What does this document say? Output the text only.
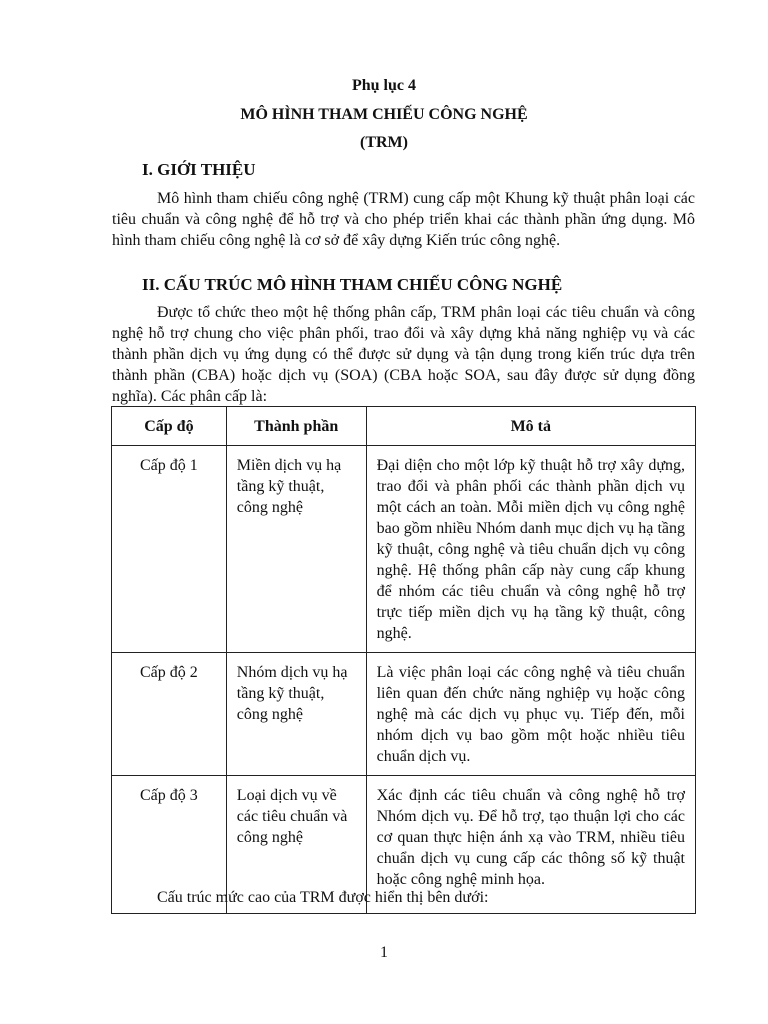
Phụ lục 4

MÔ HÌNH THAM CHIẾU CÔNG NGHỆ

(TRM)

I. GIỚI THIỆU

Mô hình tham chiếu công nghệ (TRM) cung cấp một Khung kỹ thuật phân loại các tiêu chuẩn và công nghệ để hỗ trợ và cho phép triển khai các thành phần ứng dụng. Mô hình tham chiếu công nghệ là cơ sở để xây dựng Kiến trúc công nghệ.

II. CẤU TRÚC MÔ HÌNH THAM CHIẾU CÔNG NGHỆ

Được tổ chức theo một hệ thống phân cấp, TRM phân loại các tiêu chuẩn và công nghệ hỗ trợ chung cho việc phân phối, trao đổi và xây dựng khả năng nghiệp vụ và các thành phần dịch vụ ứng dụng có thể được sử dụng và tận dụng trong kiến trúc dựa trên thành phần (CBA) hoặc dịch vụ (SOA) (CBA hoặc SOA, sau đây được sử dụng đồng nghĩa). Các phân cấp là:

Cấp độ	Thành phần	Mô tả
Cấp độ 1	Miền dịch vụ hạ tầng kỹ thuật, công nghệ	Đại diện cho một lớp kỹ thuật hỗ trợ xây dựng, trao đổi và phân phối các thành phần dịch vụ một cách an toàn. Mỗi miền dịch vụ công nghệ bao gồm nhiều Nhóm danh mục dịch vụ hạ tầng kỹ thuật, công nghệ và tiêu chuẩn dịch vụ công nghệ. Hệ thống phân cấp này cung cấp khung để nhóm các tiêu chuẩn và công nghệ hỗ trợ trực tiếp miền dịch vụ hạ tầng kỹ thuật, công nghệ.
Cấp độ 2	Nhóm dịch vụ hạ tầng kỹ thuật, công nghệ	Là việc phân loại các công nghệ và tiêu chuẩn liên quan đến chức năng nghiệp vụ hoặc công nghệ mà các dịch vụ phục vụ. Tiếp đến, mỗi nhóm dịch vụ bao gồm một hoặc nhiều tiêu chuẩn dịch vụ.
Cấp độ 3	Loại dịch vụ về các tiêu chuẩn và công nghệ	Xác định các tiêu chuẩn và công nghệ hỗ trợ Nhóm dịch vụ. Để hỗ trợ, tạo thuận lợi cho các cơ quan thực hiện ánh xạ vào TRM, nhiều tiêu chuẩn dịch vụ cung cấp các thông số kỹ thuật hoặc công nghệ minh họa.

Cấu trúc mức cao của TRM được hiển thị bên dưới:

1
